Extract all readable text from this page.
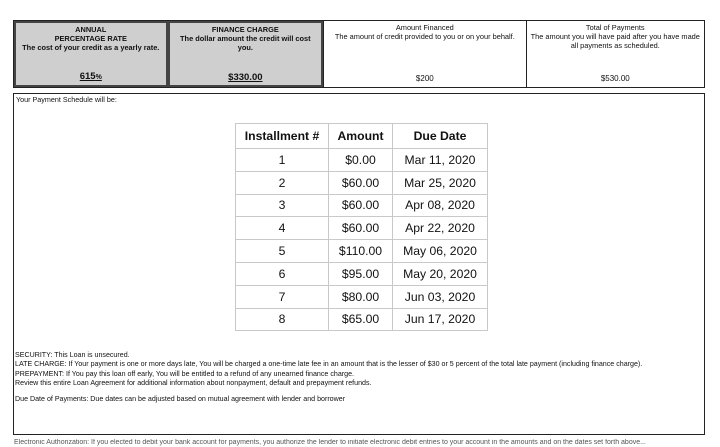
ANNUAL
PERCENTAGE RATE
The cost of your credit as a yearly rate.
615%
FINANCE CHARGE
The dollar amount the credit will cost you.
$330.00
Amount Financed
The amount of credit provided to you or on your behalf.
$200
Total of Payments
The amount you will have paid after you have made all payments as scheduled.
$530.00
Your Payment Schedule will be:
Installment #	Amount	Due Date
1	$0.00	Mar 11, 2020
2	$60.00	Mar 25, 2020
3	$60.00	Apr 08, 2020
4	$60.00	Apr 22, 2020
5	$110.00	May 06, 2020
6	$95.00	May 20, 2020
7	$80.00	Jun 03, 2020
8	$65.00	Jun 17, 2020

SECURITY: This Loan is unsecured.

LATE CHARGE: If Your payment is one or more days late, You will be charged a one-time late fee in an amount that is the lesser of $30 or 5 percent of the total late payment (including finance charge).

PREPAYMENT: If You pay this loan off early, You will be entitled to a refund of any unearned finance charge.

Review this entire Loan Agreement for additional information about nonpayment, default and prepayment refunds.

Due Date of Payments: Due dates can be adjusted based on mutual agreement with lender and borrower

Electronic Authorization: If you elected to debit your bank account for payments, you authorize the lender to initiate electronic debit entries to your account in the amounts and on the dates set forth above...
